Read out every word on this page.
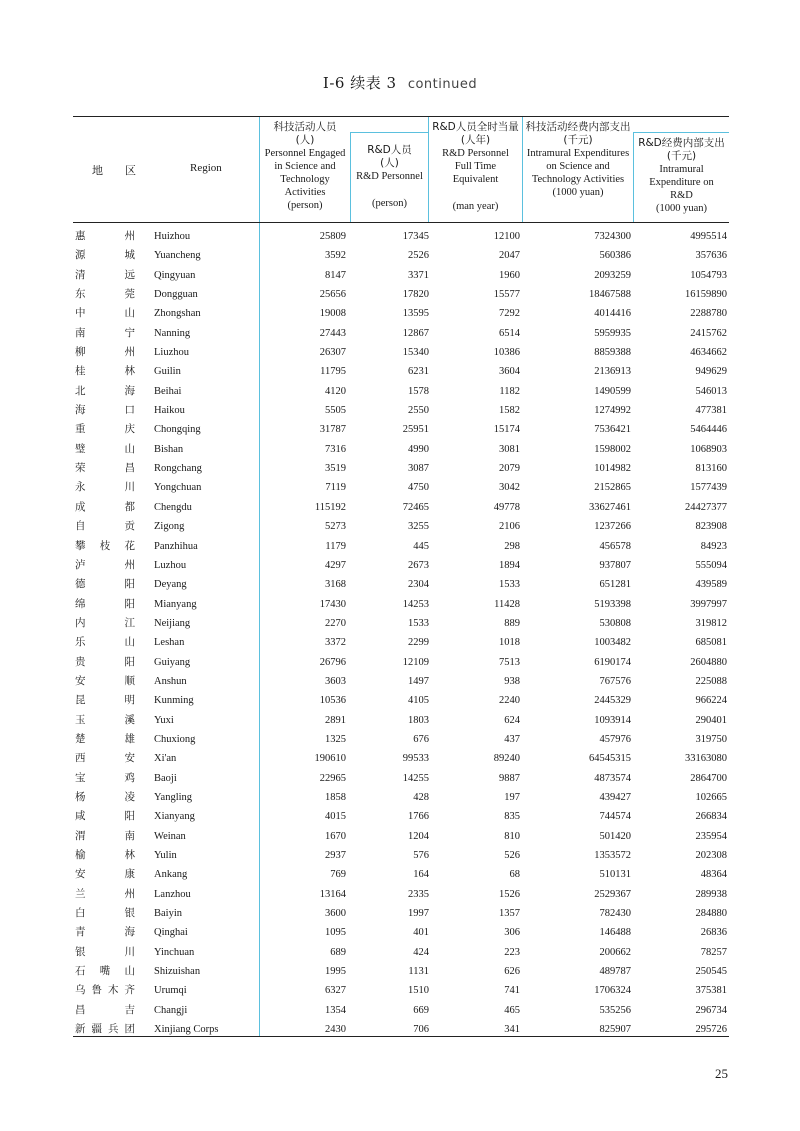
I-6 续表 3 continued
地区	Region
科技活动人员
(人)
Personnel Engaged in Science and Technology Activities
(person)
R&D人员
(人)
R&D Personnel
(person)
R&D人员全时当量
(人年)
R&D Personnel Full Time Equivalent
(man year)
科技活动经费内部支出
(千元)
Intramural Expenditures on Science and Technology Activities
(1000 yuan)
R&D经费内部支出
(千元)
Intramural Expenditure on R&D
(1000 yuan)
惠州 Huizhou	25809	17345	12100	7324300	4995514
源城 Yuancheng	3592	2526	2047	560386	357636
清远 Qingyuan	8147	3371	1960	2093259	1054793
东莞 Dongguan	25656	17820	15577	18467588	16159890
中山 Zhongshan	19008	13595	7292	4014416	2288780
南宁 Nanning	27443	12867	6514	5959935	2415762
柳州 Liuzhou	26307	15340	10386	8859388	4634662
桂林 Guilin	11795	6231	3604	2136913	949629
北海 Beihai	4120	1578	1182	1490599	546013
海口 Haikou	5505	2550	1582	1274992	477381
重庆 Chongqing	31787	25951	15174	7536421	5464446
璧山 Bishan	7316	4990	3081	1598002	1068903
荣昌 Rongchang	3519	3087	2079	1014982	813160
永川 Yongchuan	7119	4750	3042	2152865	1577439
成都 Chengdu	115192	72465	49778	33627461	24427377
自贡 Zigong	5273	3255	2106	1237266	823908
攀枝花 Panzhihua	1179	445	298	456578	84923
泸州 Luzhou	4297	2673	1894	937807	555094
德阳 Deyang	3168	2304	1533	651281	439589
绵阳 Mianyang	17430	14253	11428	5193398	3997997
内江 Neijiang	2270	1533	889	530808	319812
乐山 Leshan	3372	2299	1018	1003482	685081
贵阳 Guiyang	26796	12109	7513	6190174	2604880
安顺 Anshun	3603	1497	938	767576	225088
昆明 Kunming	10536	4105	2240	2445329	966224
玉溪 Yuxi	2891	1803	624	1093914	290401
楚雄 Chuxiong	1325	676	437	457976	319750
西安 Xi'an	190610	99533	89240	64545315	33163080
宝鸡 Baoji	22965	14255	9887	4873574	2864700
杨凌 Yangling	1858	428	197	439427	102665
咸阳 Xianyang	4015	1766	835	744574	266834
渭南 Weinan	1670	1204	810	501420	235954
榆林 Yulin	2937	576	526	1353572	202308
安康 Ankang	769	164	68	510131	48364
兰州 Lanzhou	13164	2335	1526	2529367	289938
白银 Baiyin	3600	1997	1357	782430	284880
青海 Qinghai	1095	401	306	146488	26836
银川 Yinchuan	689	424	223	200662	78257
石嘴山 Shizuishan	1995	1131	626	489787	250545
乌鲁木齐 Urumqi	6327	1510	741	1706324	375381
昌吉 Changji	1354	669	465	535256	296734
新疆兵团 Xinjiang Corps	2430	706	341	825907	295726
25
